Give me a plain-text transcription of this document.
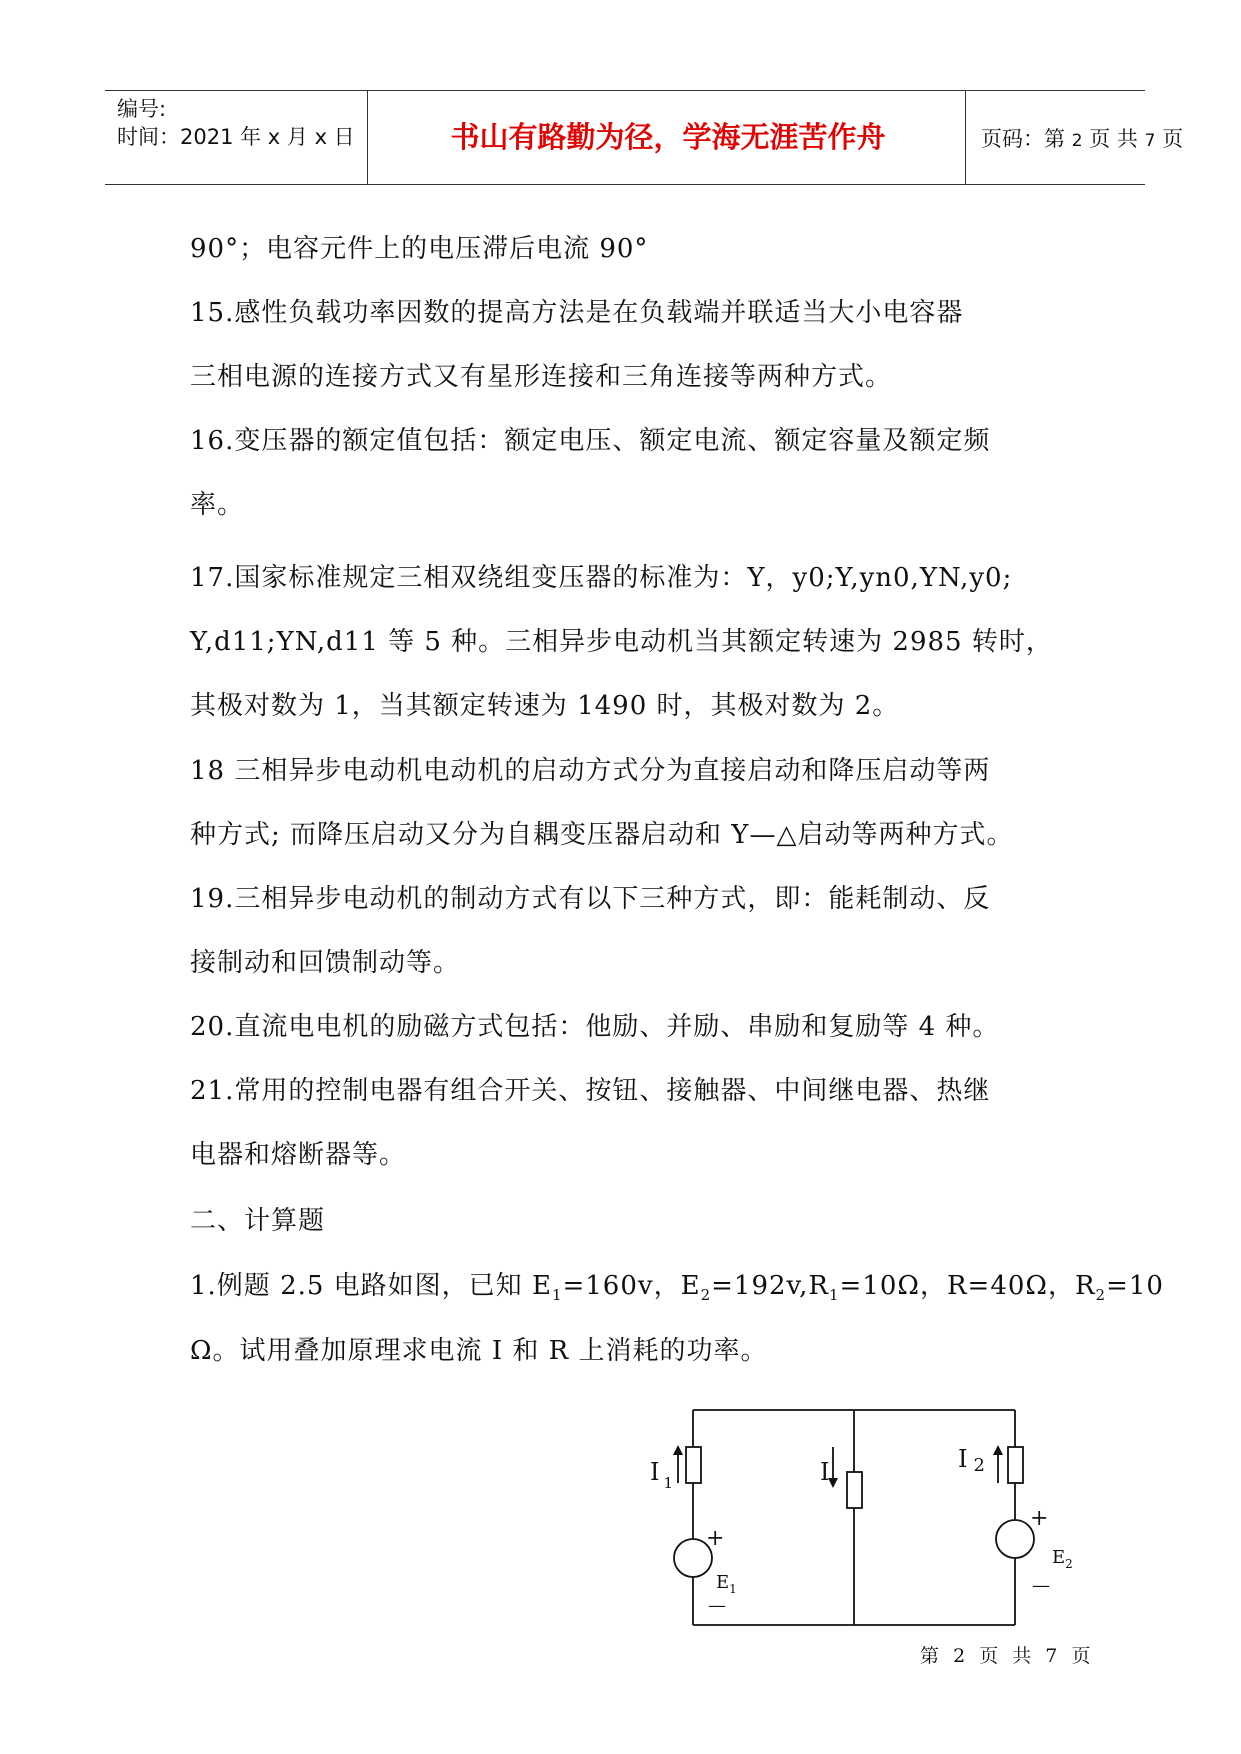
编号:
时间：2021 年 x 月 x 日	书山有路勤为径，学海无涯苦作舟	页码：第 2 页 共 7 页
90°；电容元件上的电压滞后电流 90°
15.感性负载功率因数的提高方法是在负载端并联适当大小电容器
三相电源的连接方式又有星形连接和三角连接等两种方式。
16.变压器的额定值包括：额定电压、额定电流、额定容量及额定频
率。
17.国家标准规定三相双绕组变压器的标准为：Y，y0;Y,yn0,YN,y0;
Y,d11;YN,d11 等 5 种。三相异步电动机当其额定转速为 2985 转时，
其极对数为 1，当其额定转速为 1490 时，其极对数为 2。
18 三相异步电动机电动机的启动方式分为直接启动和降压启动等两
种方式; 而降压启动又分为自耦变压器启动和 Y—△启动等两种方式。
19.三相异步电动机的制动方式有以下三种方式，即：能耗制动、反
接制动和回馈制动等。
20.直流电电机的励磁方式包括：他励、并励、串励和复励等 4 种。
21.常用的控制电器有组合开关、按钮、接触器、中间继电器、热继
电器和熔断器等。
二、计算题
1.例题 2.5 电路如图，已知 $E_1=160v$，$E_2=192v,R_1=10\Omega$，R=40Ω，$R_2=10$
Ω。试用叠加原理求电流 I 和 R 上消耗的功率。
I $_1$	I	I 2
+
—
$E_1$
+
—
$E_2$
第 2 页 共 7 页
